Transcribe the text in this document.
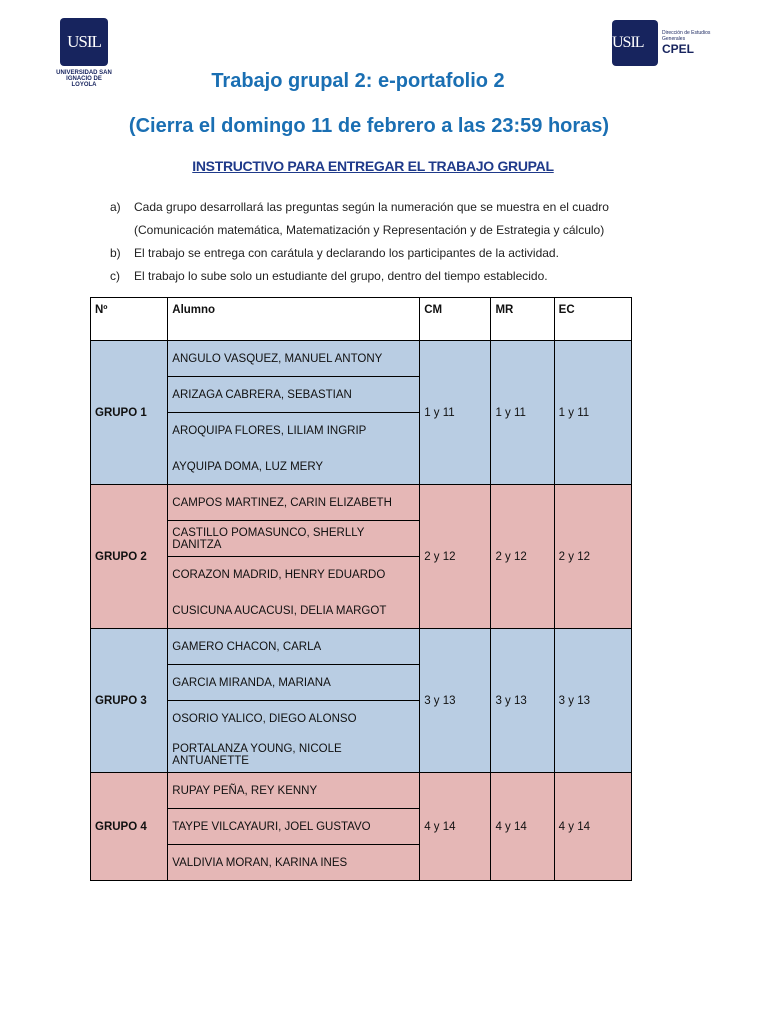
USIL
UNIVERSIDAD SAN IGNACIO DE LOYOLA
USIL
Dirección de Estudios Generales
CPEL
Trabajo grupal 2: e-portafolio 2
(Cierra el domingo 11 de febrero a las 23:59 horas)
INSTRUCTIVO PARA ENTREGAR EL TRABAJO GRUPAL
a)	Cada grupo desarrollará las preguntas según la numeración que se muestra en el cuadro
(Comunicación matemática, Matematización y Representación y de Estrategia y cálculo)
b)	El trabajo se entrega con carátula y declarando los participantes de la actividad.
c)	El trabajo lo sube solo un estudiante del grupo, dentro del tiempo establecido.
Nº	Alumno	CM	MR	EC
GRUPO 1	ANGULO VASQUEZ, MANUEL ANTONY	1 y 11	1 y 11	1 y 11
	ARIZAGA CABRERA, SEBASTIAN			
	AROQUIPA FLORES, LILIAM INGRIP			
	AYQUIPA DOMA, LUZ MERY			
GRUPO 2	CAMPOS MARTINEZ, CARIN ELIZABETH	2 y 12	2 y 12	2 y 12
	CASTILLO POMASUNCO, SHERLLY DANITZA			
	CORAZON MADRID, HENRY EDUARDO			
	CUSICUNA AUCACUSI, DELIA MARGOT			
GRUPO 3	GAMERO CHACON, CARLA	3 y 13	3 y 13	3 y 13
	GARCIA MIRANDA, MARIANA			
	OSORIO YALICO, DIEGO ALONSO			
	PORTALANZA YOUNG, NICOLE ANTUANETTE			
GRUPO 4	RUPAY PEÑA, REY KENNY	4 y 14	4 y 14	4 y 14
	TAYPE VILCAYAURI, JOEL GUSTAVO			
	VALDIVIA MORAN, KARINA INES			
